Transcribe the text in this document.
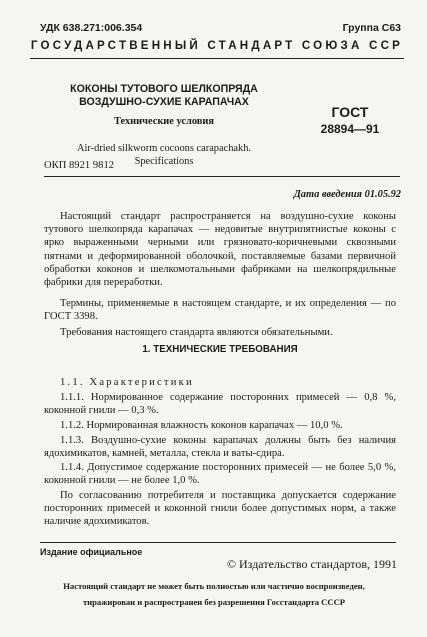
УДК 638.271:006.354	Группа С63
ГОСУДАРСТВЕННЫЙ СТАНДАРТ СОЮЗА ССР
КОКОНЫ ТУТОВОГО ШЕЛКОПРЯДА
ВОЗДУШНО-СУХИЕ КАРАПАЧАХ
Технические условия
Air-dried silkworm cocoons carapachakh.
Specifications
ОКП 8921 9812
ГОСТ
28894—91
Дата введения 01.05.92
Настоящий стандарт распространяется на воздушно-сухие коконы тутового шелкопряда карапачах — недовитые внутрипятнистые коконы с ярко выраженными черными или грязновато-коричневыми сквозными пятнами и деформированной оболочкой, поставляемые базами первичной обработки коконов и шелкомотальными фабриками на шелкопрядильные фабрики для переработки.
Термины, применяемые в настоящем стандарте, и их определения — по ГОСТ 3398.
Требования настоящего стандарта являются обязательными.
1. ТЕХНИЧЕСКИЕ ТРЕБОВАНИЯ
1.1. Характеристики
1.1.1. Нормированное содержание посторонних примесей — 0,8 %, коконной гнили — 0,3 %.
1.1.2. Нормированная влажность коконов карапачах — 10,0 %.
1.1.3. Воздушно-сухие коконы карапачах должны быть без наличия ядохимикатов, камней, металла, стекла и ваты-сдира.
1.1.4. Допустимое содержание посторонних примесей — не более 5,0 %, коконной гнили — не более 1,0 %.
По согласованию потребителя и поставщика допускается содержание посторонних примесей и коконной гнили более допустимых норм, а также наличие ядохимикатов.
Издание официальное
© Издательство стандартов, 1991
Настоящий стандарт не может быть полностью или частично воспроизведен,
тиражирован и распространен без разрешения Госстандарта СССР
